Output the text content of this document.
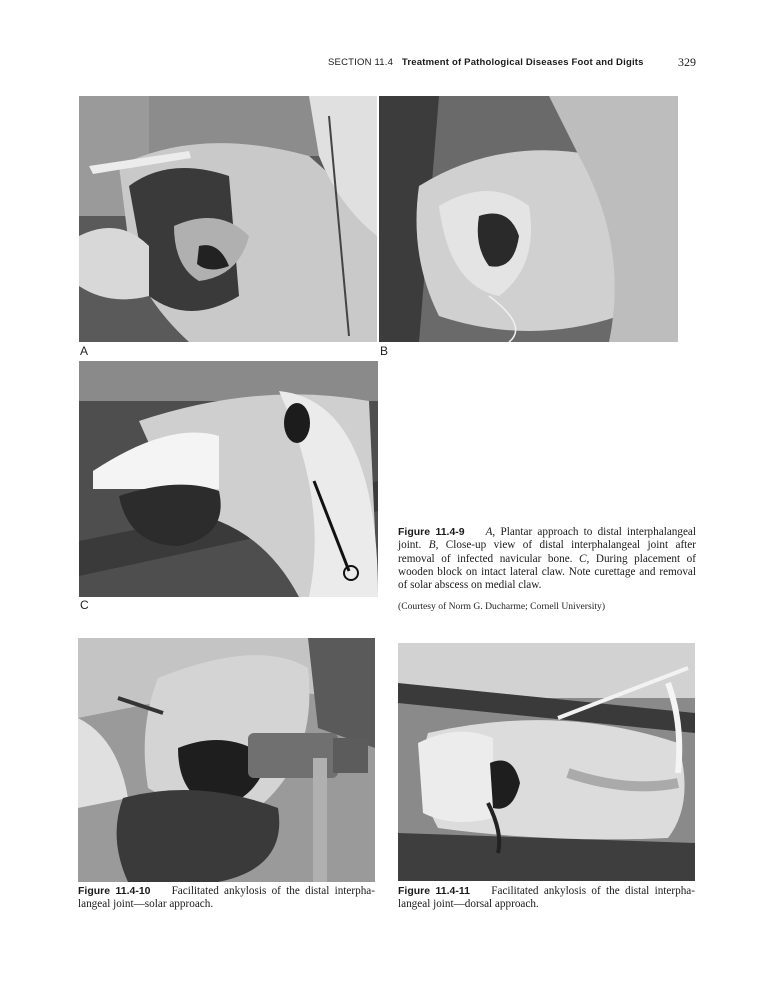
SECTION 11.4 Treatment of Pathological Diseases Foot and Digits	329
A	B
C
Figure 11.4-9 A, Plantar approach to distal interphalangeal joint. B, Close-up view of distal interphalangeal joint after removal of infected navicular bone. C, During placement of wooden block on intact lateral claw. Note curettage and removal of solar abscess on medial claw.
(Courtesy of Norm G. Ducharme; Cornell University)
Figure 11.4-10 Facilitated ankylosis of the distal interphalangeal joint—solar approach.
Figure 11.4-11 Facilitated ankylosis of the distal interphalangeal joint—dorsal approach.
